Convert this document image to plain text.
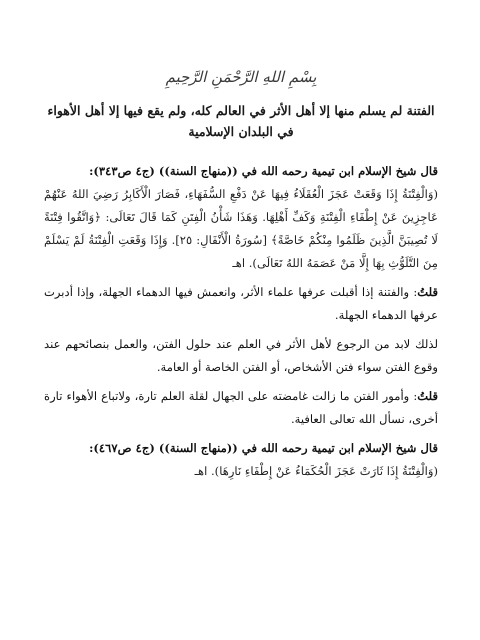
بِسْمِ اللهِ الرَّحْمَنِ الرَّحِيمِ
الفتنة لم يسلم منها إلا أهل الأثر في العالم كله، ولم يقع فيها إلا أهل الأهواء في البلدان الإسلامية

قال شيخ الإسلام ابن تيمية رحمه الله في ((منهاج السنة)) (ج٤ ص٣٤٣):
(وَالْفِتْنَةُ إِذَا وَقَعَتْ عَجَزَ الْعُقَلَاءُ فِيهَا عَنْ دَفْعِ السُّفَهَاءِ، فَصَارَ الْأَكَابِرُ رَضِيَ اللهُ عَنْهُمْ عَاجِزِينَ عَنْ إِطْفَاءِ الْفِتْنَةِ وَكَفِّ أَهْلِهَا. وَهَذَا شَأْنُ الْفِتَنِ كَمَا قَالَ تَعَالَى: ﴿وَاتَّقُوا فِتْنَةً لَا تُصِيبَنَّ الَّذِينَ ظَلَمُوا مِنْكُمْ خَاصَّةً﴾ [سُورَةُ الْأَنْفَالِ: ٢٥]. وَإِذَا وَقَعَتِ الْفِتْنَةُ لَمْ يَسْلَمْ مِنَ التَّلَوُّثِ بِهَا إِلَّا مَنْ عَصَمَهُ اللهُ تَعَالَى). اهـ

قلتُ: والفتنة إذا أقبلت عرفها علماء الأثر، وانعمش فيها الدهماء الجهلة، وإذا أدبرت عرفها الدهماء الجهلة.

لذلك لابد من الرجوع لأهل الأثر في العلم عند حلول الفتن، والعمل بنصائحهم عند وقوع الفتن سواء فتن الأشخاص، أو الفتن الخاصة أو العامة.

قلتُ: وأمور الفتن ما زالت غامضته على الجهال لقلة العلم تارة، ولاتباع الأهواء تارة أخرى، نسأل الله تعالى العافية.

قال شيخ الإسلام ابن تيمية رحمه الله في ((منهاج السنة)) (ج٤ ص٤٦٧):
(وَالْفِتْنَةُ إِذَا ثَارَتْ عَجَزَ الْحُكَمَاءُ عَنْ إِطْفَاءِ نَارِهَا). اهـ
